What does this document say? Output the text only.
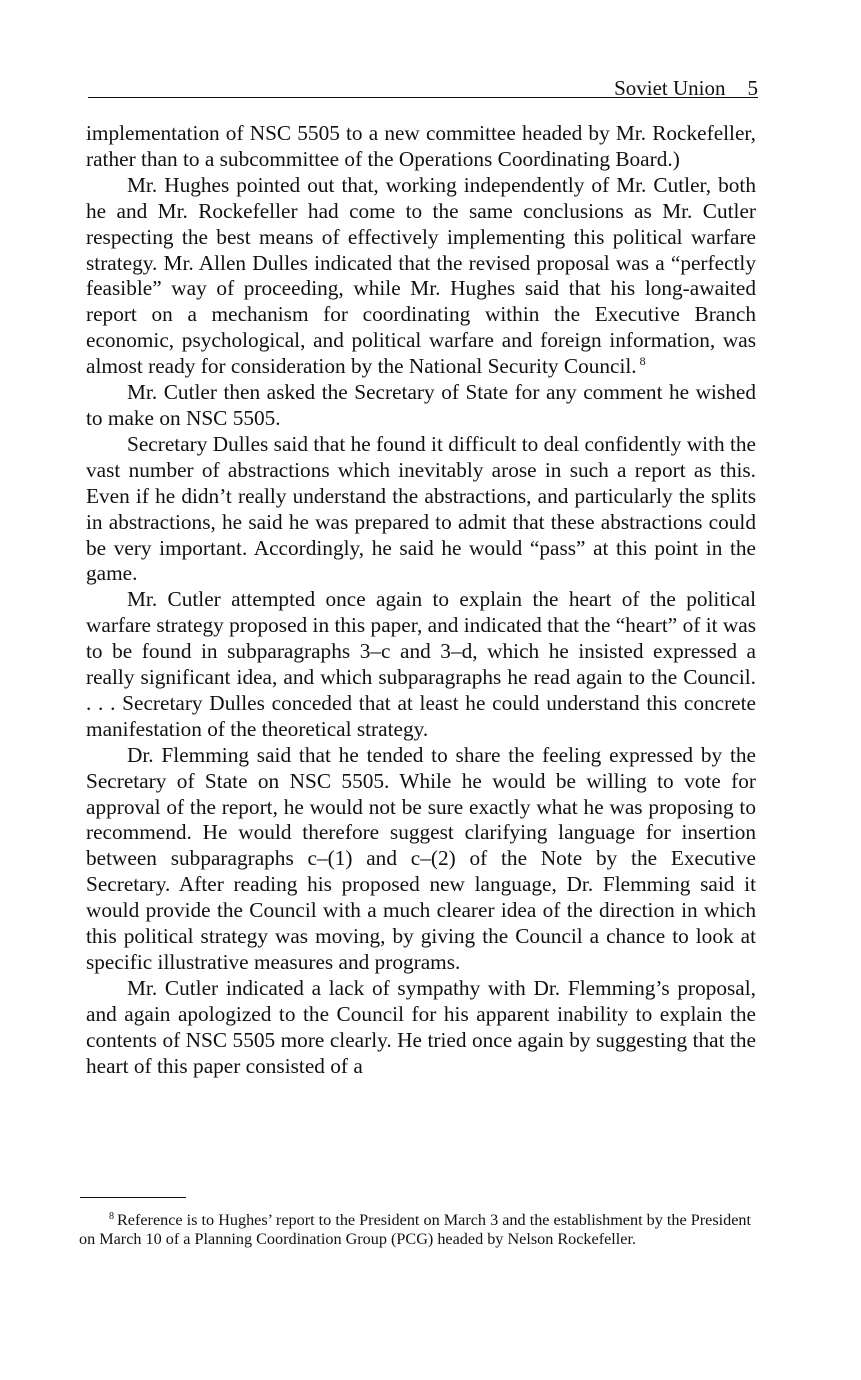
Soviet Union 5

implementation of NSC 5505 to a new committee headed by Mr. Rockefeller, rather than to a subcommittee of the Operations Coordinating Board.)

Mr. Hughes pointed out that, working independently of Mr. Cutler, both he and Mr. Rockefeller had come to the same conclusions as Mr. Cutler respecting the best means of effectively implementing this political warfare strategy. Mr. Allen Dulles indicated that the revised proposal was a “perfectly feasible” way of proceeding, while Mr. Hughes said that his long-awaited report on a mechanism for coordinating within the Executive Branch economic, psychological, and political warfare and foreign information, was almost ready for consideration by the National Security Council. $^8$

Mr. Cutler then asked the Secretary of State for any comment he wished to make on NSC 5505.

Secretary Dulles said that he found it difficult to deal confidently with the vast number of abstractions which inevitably arose in such a report as this. Even if he didn’t really understand the abstractions, and particularly the splits in abstractions, he said he was prepared to admit that these abstractions could be very important. Accordingly, he said he would “pass” at this point in the game.

Mr. Cutler attempted once again to explain the heart of the political warfare strategy proposed in this paper, and indicated that the “heart” of it was to be found in subparagraphs 3–c and 3–d, which he insisted expressed a really significant idea, and which subparagraphs he read again to the Council. . . . Secretary Dulles conceded that at least he could understand this concrete manifestation of the theoretical strategy.

Dr. Flemming said that he tended to share the feeling expressed by the Secretary of State on NSC 5505. While he would be willing to vote for approval of the report, he would not be sure exactly what he was proposing to recommend. He would therefore suggest clarifying language for insertion between subparagraphs c–(1) and c–(2) of the Note by the Executive Secretary. After reading his proposed new language, Dr. Flemming said it would provide the Council with a much clearer idea of the direction in which this political strategy was moving, by giving the Council a chance to look at specific illustrative measures and programs.

Mr. Cutler indicated a lack of sympathy with Dr. Flemming’s proposal, and again apologized to the Council for his apparent inability to explain the contents of NSC 5505 more clearly. He tried once again by suggesting that the heart of this paper consisted of a

$^8$ Reference is to Hughes’ report to the President on March 3 and the establishment by the President on March 10 of a Planning Coordination Group (PCG) headed by Nelson Rockefeller.
